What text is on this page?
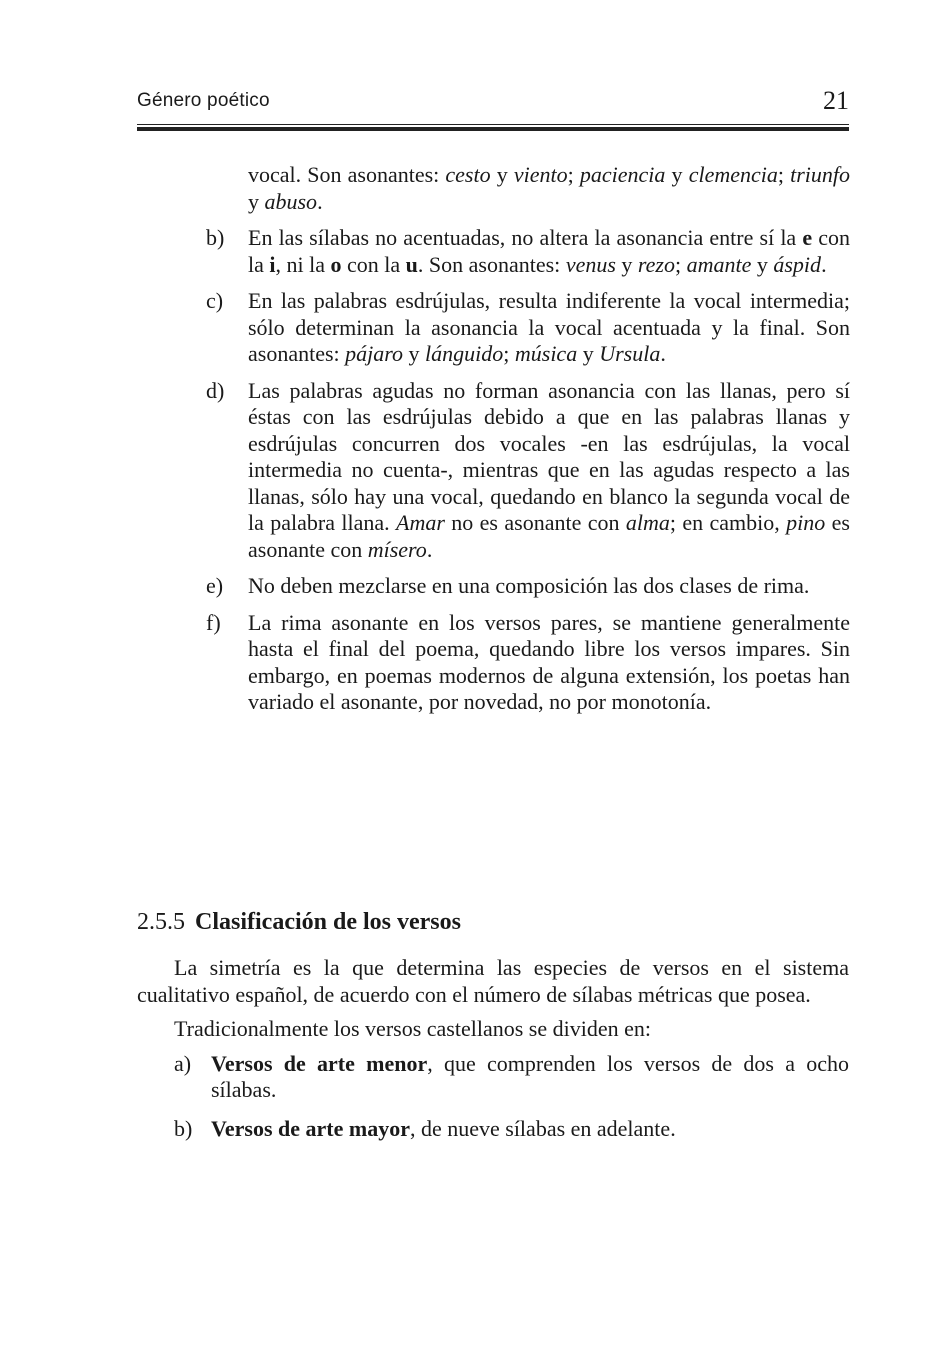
Género poético	21
vocal. Son asonantes: cesto y viento; paciencia y clemencia; triunfo y abuso.
b) En las sílabas no acentuadas, no altera la asonancia entre sí la e con la i, ni la o con la u. Son asonantes: venus y rezo; amante y áspid.
c) En las palabras esdrújulas, resulta indiferente la vocal intermedia; sólo determinan la asonancia la vocal acentuada y la final. Son asonantes: pájaro y lánguido; música y Ursula.
d) Las palabras agudas no forman asonancia con las llanas, pero sí éstas con las esdrújulas debido a que en las palabras llanas y esdrújulas concurren dos vocales -en las esdrújulas, la vocal intermedia no cuenta-, mientras que en las agudas respecto a las llanas, sólo hay una vocal, quedando en blanco la segunda vocal de la palabra llana. Amar no es asonante con alma; en cambio, pino es asonante con mísero.
e) No deben mezclarse en una composición las dos clases de rima.
f) La rima asonante en los versos pares, se mantiene generalmente hasta el final del poema, quedando libre los versos impares. Sin embargo, en poemas modernos de alguna extensión, los poetas han variado el asonante, por novedad, no por monotonía.
2.5.5 Clasificación de los versos

La simetría es la que determina las especies de versos en el sistema cualitativo español, de acuerdo con el número de sílabas métricas que posea.

Tradicionalmente los versos castellanos se dividen en:

a) Versos de arte menor, que comprenden los versos de dos a ocho sílabas.
b) Versos de arte mayor, de nueve sílabas en adelante.
